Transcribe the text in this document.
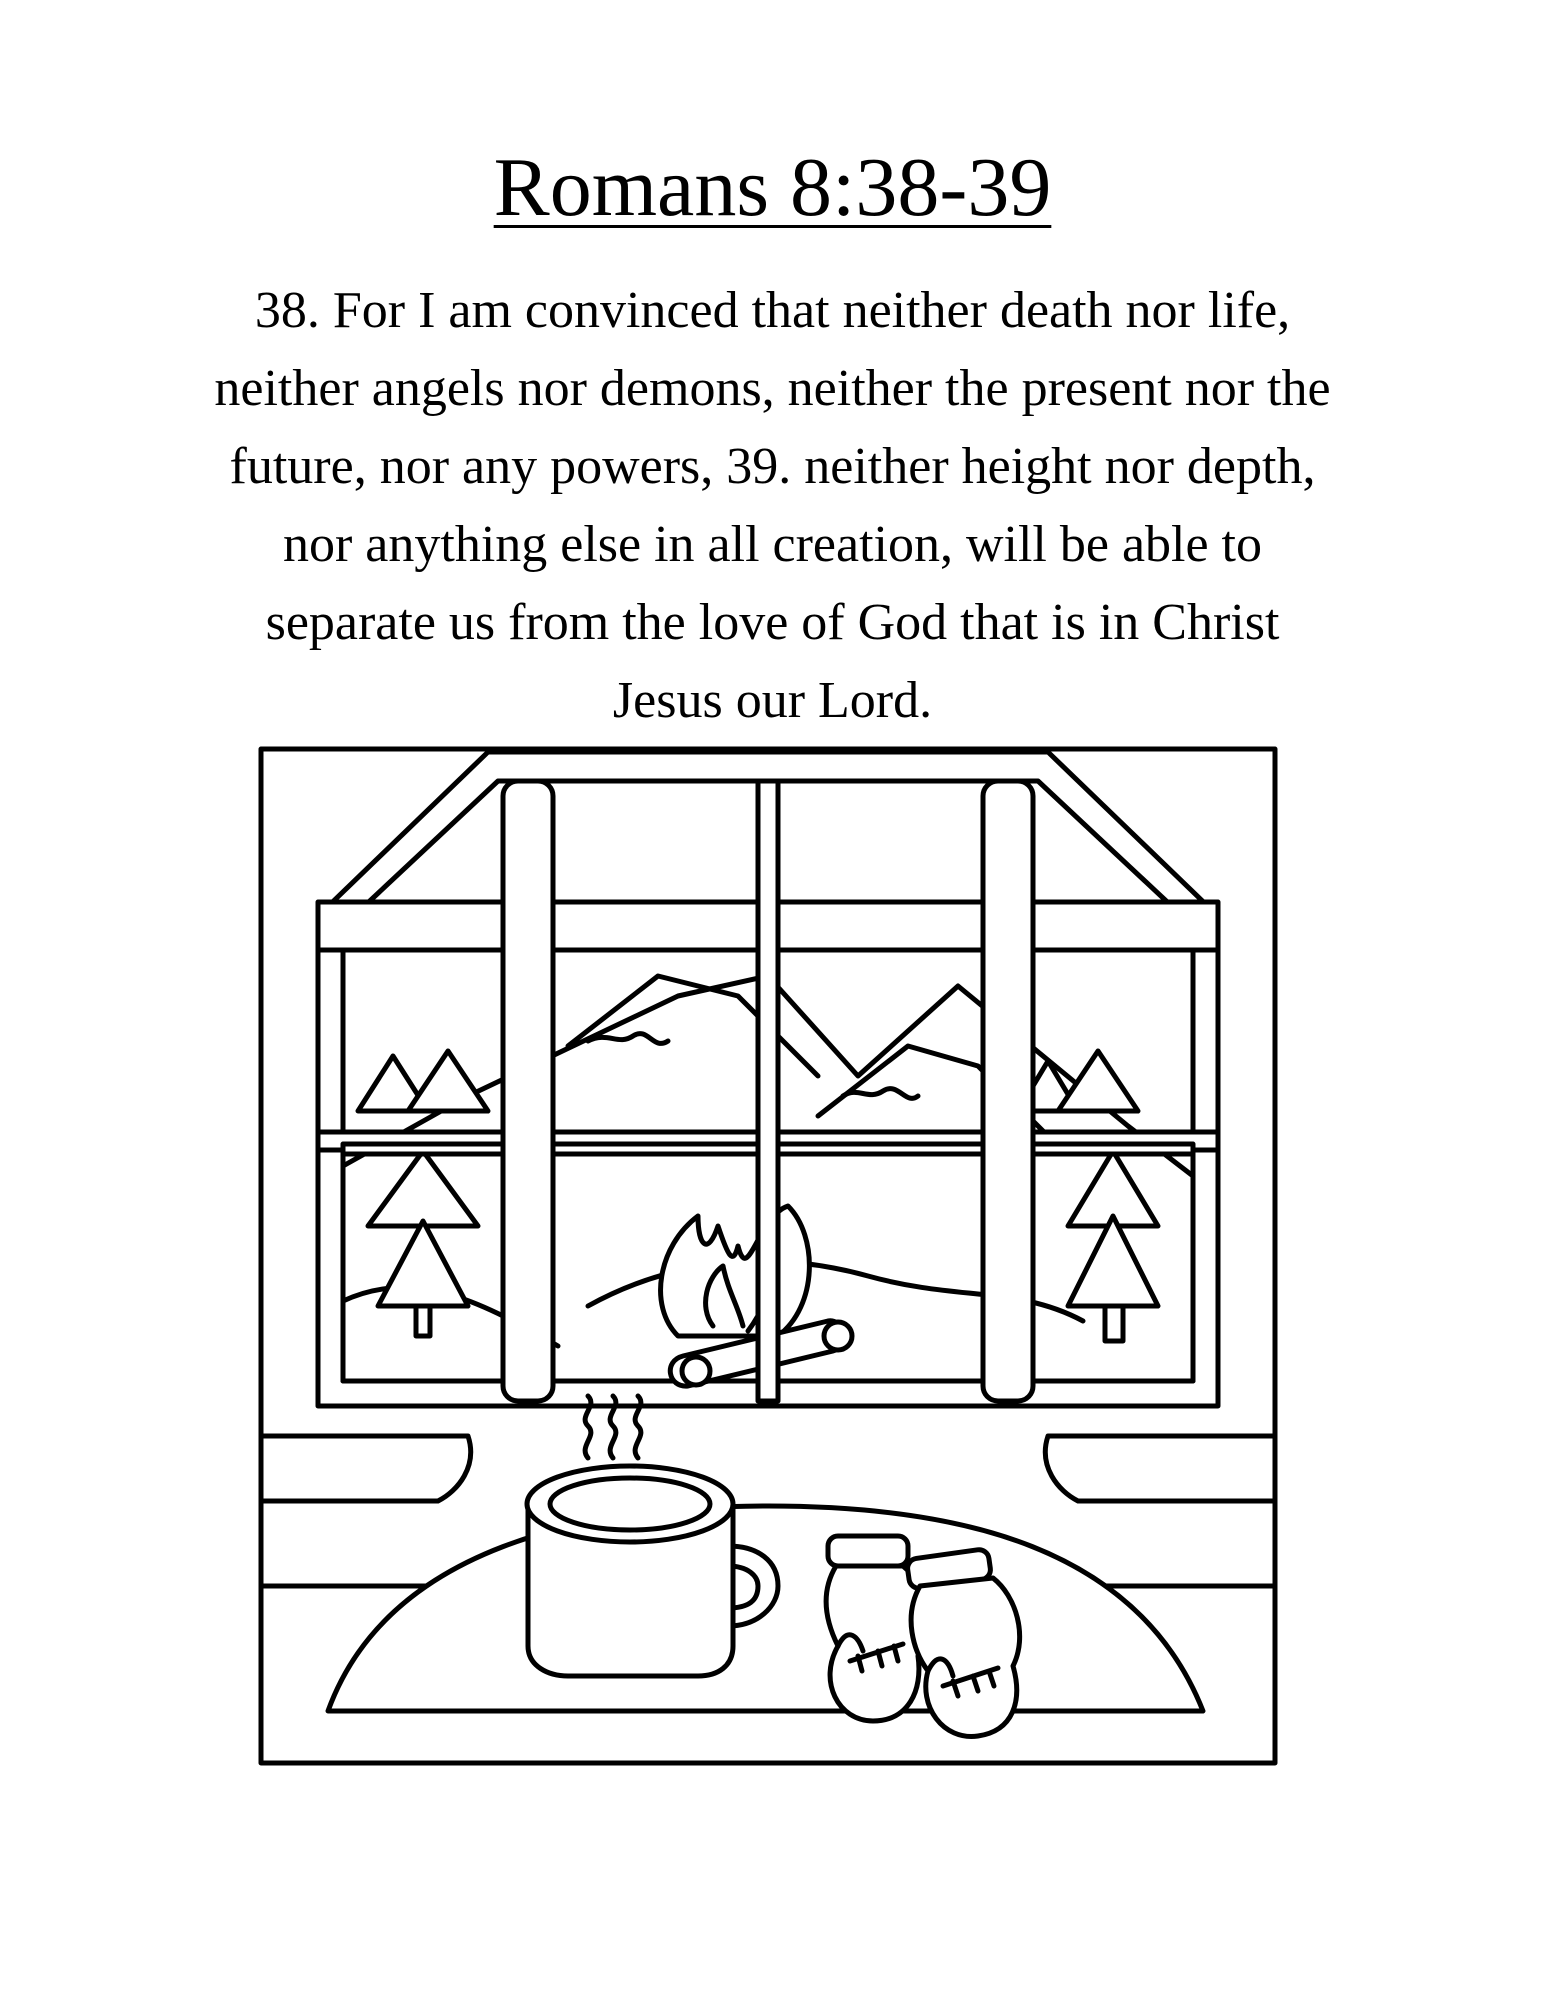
Romans 8:38-39
38. For I am convinced that neither death nor life,
neither angels nor demons, neither the present nor the
future, nor any powers, 39. neither height nor depth,
nor anything else in all creation, will be able to
separate us from the love of God that is in Christ
Jesus our Lord.
